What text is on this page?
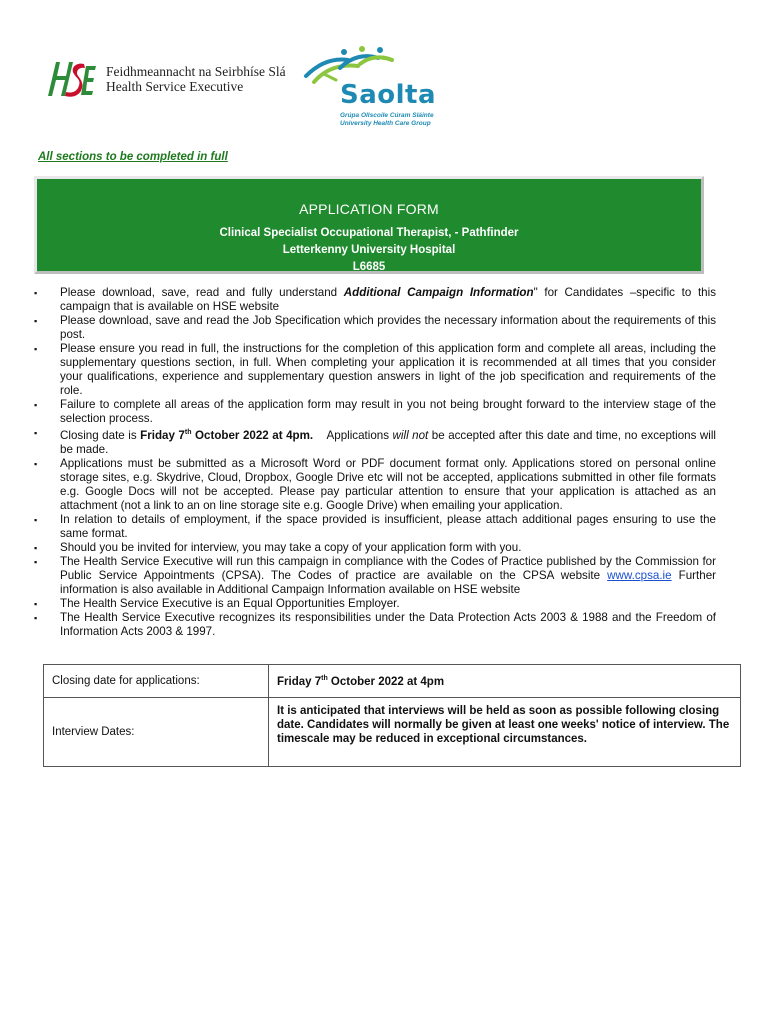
Feidhmeannacht na Seirbhíse Slá
Health Service Executive	Saolta
Grúpa Ollscoile Cúram Sláinte
University Health Care Group
All sections to be completed in full
APPLICATION FORM
Clinical Specialist Occupational Therapist, - Pathfinder
Letterkenny University Hospital
L6685
▪ Please download, save, read and fully understand Additional Campaign Information" for Candidates –specific to this campaign that is available on HSE website
▪ Please download, save and read the Job Specification which provides the necessary information about the requirements of this post.
▪ Please ensure you read in full, the instructions for the completion of this application form and complete all areas, including the supplementary questions section, in full. When completing your application it is recommended at all times that you consider your qualifications, experience and supplementary question answers in light of the job specification and requirements of the role.
▪ Failure to complete all areas of the application form may result in you not being brought forward to the interview stage of the selection process.
▪ Closing date is Friday 7th October 2022 at 4pm.    Applications will not be accepted after this date and time, no exceptions will be made.
▪ Applications must be submitted as a Microsoft Word or PDF document format only. Applications stored on personal online storage sites, e.g. Skydrive, Cloud, Dropbox, Google Drive etc will not be accepted, applications submitted in other file formats e.g. Google Docs will not be accepted. Please pay particular attention to ensure that your application is attached as an attachment (not a link to an on line storage site e.g. Google Drive) when emailing your application.
▪ In relation to details of employment, if the space provided is insufficient, please attach additional pages ensuring to use the same format.
▪ Should you be invited for interview, you may take a copy of your application form with you.
▪ The Health Service Executive will run this campaign in compliance with the Codes of Practice published by the Commission for Public Service Appointments (CPSA). The Codes of practice are available on the CPSA website www.cpsa.ie Further information is also available in Additional Campaign Information available on HSE website
▪ The Health Service Executive is an Equal Opportunities Employer.
▪ The Health Service Executive recognizes its responsibilities under the Data Protection Acts 2003 & 1988 and the Freedom of Information Acts 2003 & 1997.
Closing date for applications:	Friday 7th October 2022 at 4pm
Interview Dates:	It is anticipated that interviews will be held as soon as possible following closing date. Candidates will normally be given at least one weeks' notice of interview. The timescale may be reduced in exceptional circumstances.
